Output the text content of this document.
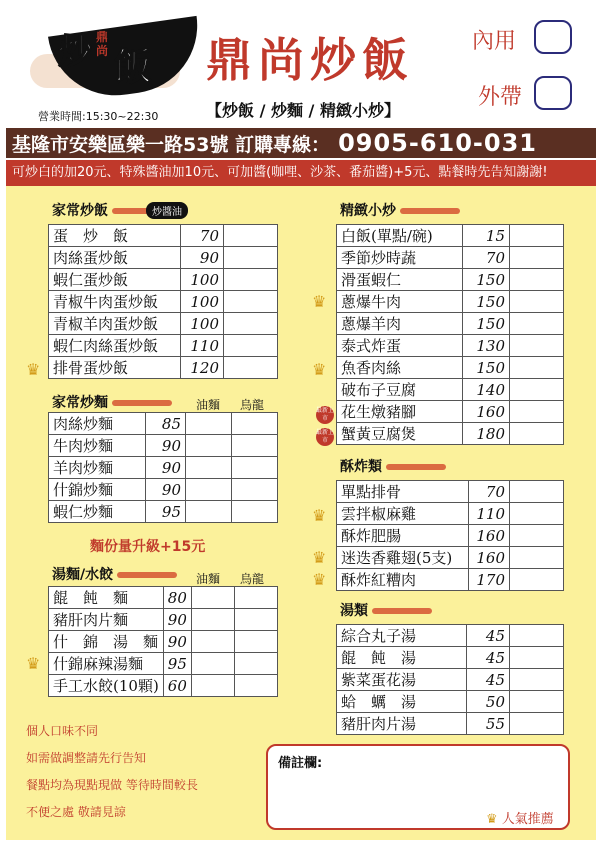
炒 鼎尚 飯
營業時間:15:30~22:30
鼎尚炒飯
【炒飯 / 炒麵 / 精緻小炒】
內用
外帶
基隆市安樂區樂一路53號 訂購專線： 0905-610-031
可炒白的加20元、特殊醬油加10元、可加醬(咖哩、沙茶、番茄醬)+5元、點餐時先告知謝謝!
家常炒飯	炒醬油
蛋　炒　飯	70	
肉絲蛋炒飯	90	
蝦仁蛋炒飯	100	
青椒牛肉蛋炒飯	100	
青椒羊肉蛋炒飯	100	
蝦仁肉絲蛋炒飯	110	
排骨蛋炒飯	120	
家常炒麵	油麵 烏龍
肉絲炒麵	85		
牛肉炒麵	90		
羊肉炒麵	90		
什錦炒麵	90		
蝦仁炒麵	95		
麵份量升級+15元
湯麵/水餃	油麵 烏龍
餛　飩　麵	80		
豬肝肉片麵	90		
什　錦　湯　麵	90		
什錦麻辣湯麵	95		
手工水餃(10顆)	60		
精緻小炒
白飯(單點/碗)	15	
季節炒時蔬	70	
滑蛋蝦仁	150	
蔥爆牛肉	150	
蔥爆羊肉	150	
泰式炸蛋	130	
魚香肉絲	150	
破布子豆腐	140	
花生燉豬腳	160	
蟹黃豆腐煲	180	
酥炸類
單點排骨	70	
雲拌椒麻雞	110	
酥炸肥腸	160	
迷迭香雞翅(5支)	160	
酥炸紅糟肉	170	
湯類
綜合丸子湯	45	
餛　飩　湯	45	
紫菜蛋花湯	45	
蛤　蠣　湯	50	
豬肝肉片湯	55	
♛
♛
♛
♛
♛
♛
♛
最新上市
最新上市
個人口味不同
如需做調整請先行告知
餐點均為現點現做 等待時間較長
不便之處 敬請見諒
備註欄:
♛ 人氣推薦
